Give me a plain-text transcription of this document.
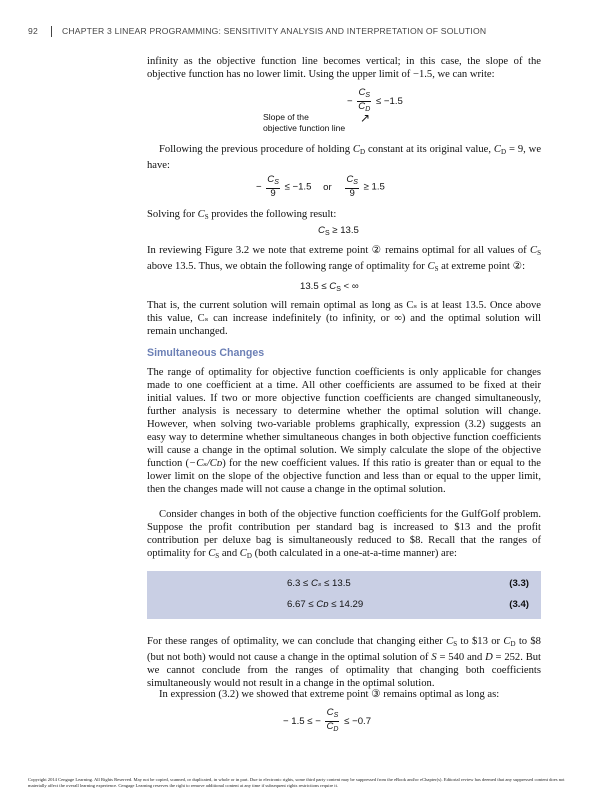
92	CHAPTER 3 LINEAR PROGRAMMING: SENSITIVITY ANALYSIS AND INTERPRETATION OF SOLUTION
infinity as the objective function line becomes vertical; in this case, the slope of the objective function has no lower limit. Using the upper limit of −1.5, we can write:
− $\frac{C_S}{C_D} \le -1.5$
Slope of the
objective function line
↗
Following the previous procedure of holding $C_D$ constant at its original value, $C_D = 9$, we have:
− $\frac{C_S}{9} \le -1.5$ or $\frac{C_S}{9} \ge 1.5$
Solving for $C_S$ provides the following result:
$C_S \ge 13.5$
In reviewing Figure 3.2 we note that extreme point ② remains optimal for all values of $C_S$ above 13.5. Thus, we obtain the following range of optimality for $C_S$ at extreme point ②:
$13.5 \le C_S$ < ∞
That is, the current solution will remain optimal as long as Cₛ is at least 13.5. Once above this value, Cₛ can increase indefinitely (to infinity, or ∞) and the optimal solution will remain unchanged.
Simultaneous Changes
The range of optimality for objective function coefficients is only applicable for changes made to one coefficient at a time. All other coefficients are assumed to be fixed at their initial values. If two or more objective function coefficients are changed simultaneously, further analysis is necessary to determine whether the optimal solution will change. However, when solving two-variable problems graphically, expression (3.2) suggests an easy way to determine whether simultaneous changes in both objective function coefficients will cause a change in the optimal solution. We simply calculate the slope of the objective function (−Cₛ/Cᴅ) for the new coefficient values. If this ratio is greater than or equal to the lower limit on the slope of the objective function and less than or equal to the upper limit, then the changes made will not cause a change in the optimal solution.
Consider changes in both of the objective function coefficients for the GulfGolf problem. Suppose the profit contribution per standard bag is increased to $13 and the profit contribution per deluxe bag is simultaneously reduced to $8. Recall that the ranges of optimality for $C_S$ and $C_D$ (both calculated in a one-at-a-time manner) are:
6.3 ≤ Cₛ ≤ 13.5	(3.3)
6.67 ≤ Cᴅ ≤ 14.29	(3.4)
For these ranges of optimality, we can conclude that changing either $C_S$ to $13 or $C_D$ to $8 (but not both) would not cause a change in the optimal solution of S = 540 and D = 252. But we cannot conclude from the ranges of optimality that changing both coefficients simultaneously would not result in a change in the optimal solution.
In expression (3.2) we showed that extreme point ③ remains optimal as long as:
− 1.5 ≤ − $\frac{C_S}{C_D} \le -0.7$
Copyright 2014 Cengage Learning. All Rights Reserved. May not be copied, scanned, or duplicated, in whole or in part. Due to electronic rights, some third party content may be suppressed from the eBook and/or eChapter(s). Editorial review has deemed that any suppressed content does not materially affect the overall learning experience. Cengage Learning reserves the right to remove additional content at any time if subsequent rights restrictions require it.
